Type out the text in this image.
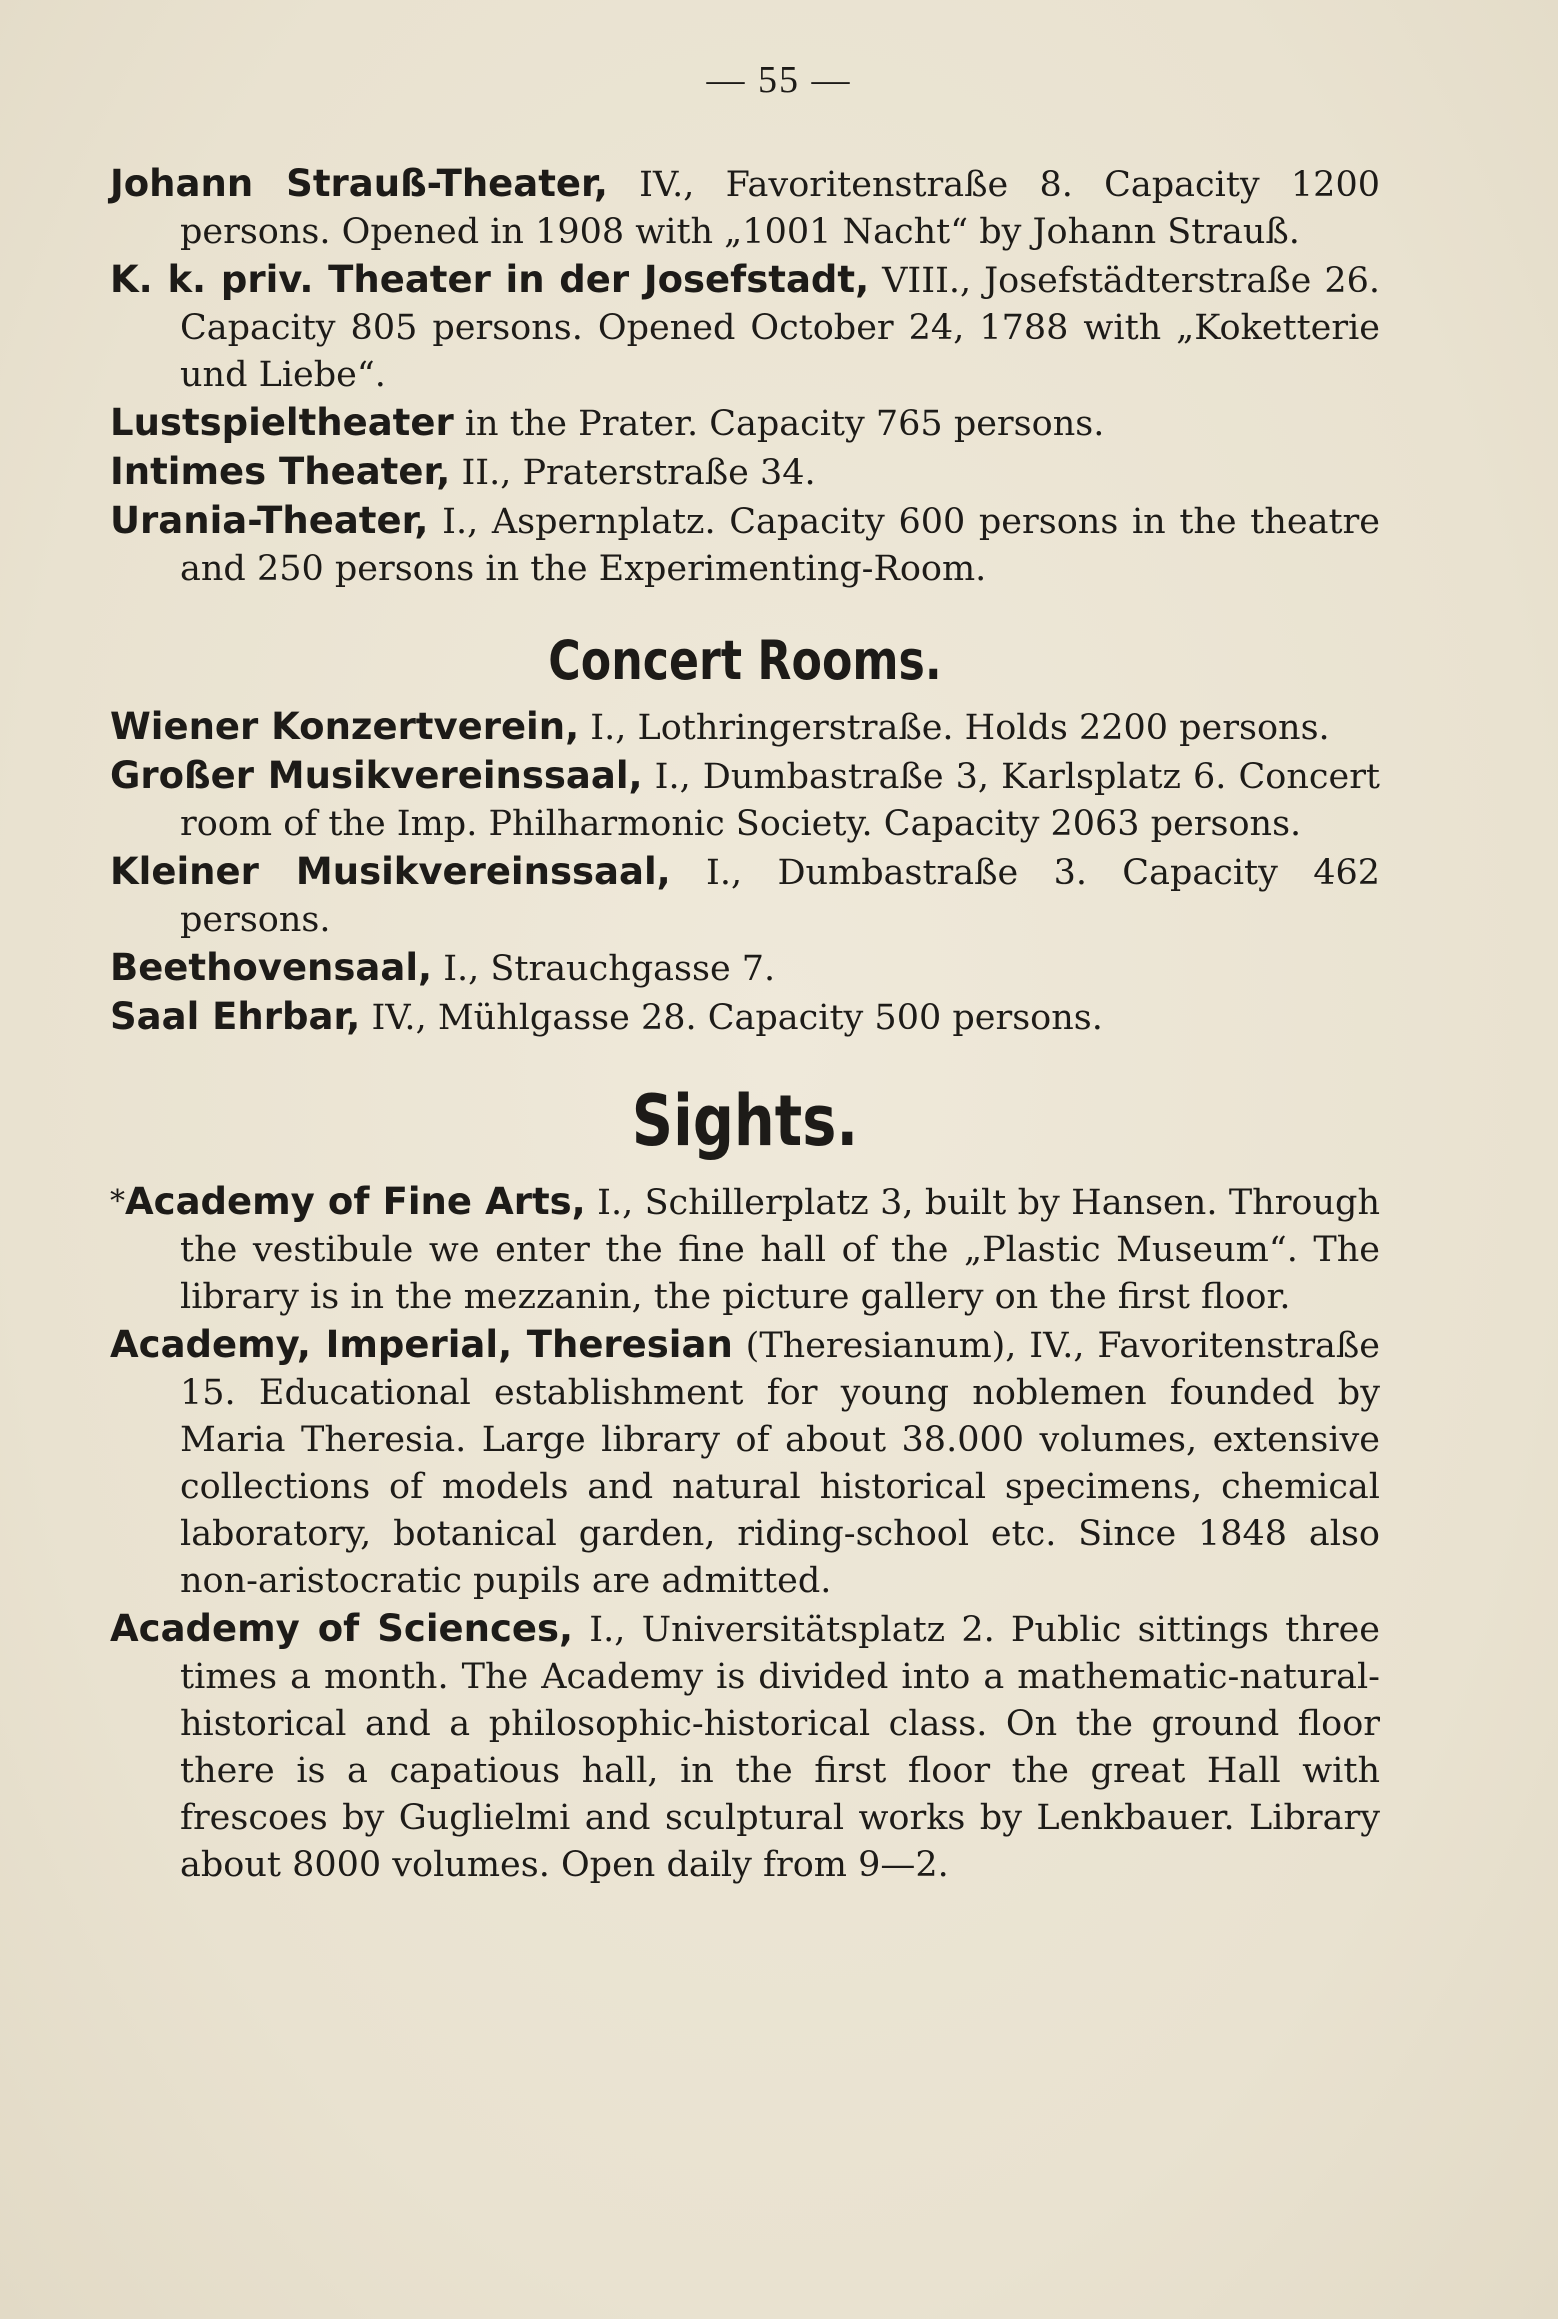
— 55 —

Johann Strauß-Theater, IV., Favoritenstraße 8. Capacity 1200 persons. Opened in 1908 with „1001 Nacht“ by Johann Strauß.

K. k. priv. Theater in der Josefstadt, VIII., Josefstädterstraße 26. Capacity 805 persons. Opened October 24, 1788 with „Koketterie und Liebe“.

Lustspieltheater in the Prater. Capacity 765 persons.

Intimes Theater, II., Praterstraße 34.

Urania-Theater, I., Aspernplatz. Capacity 600 persons in the theatre and 250 persons in the Experimenting-Room.

Concert Rooms.

Wiener Konzertverein, I., Lothringerstraße. Holds 2200 persons.

Großer Musikvereinssaal, I., Dumbastraße 3, Karlsplatz 6. Concert room of the Imp. Philharmonic Society. Capacity 2063 persons.

Kleiner Musikvereinssaal, I., Dumbastraße 3. Capacity 462 persons.

Beethovensaal, I., Strauchgasse 7.

Saal Ehrbar, IV., Mühlgasse 28. Capacity 500 persons.

Sights.

*Academy of Fine Arts, I., Schillerplatz 3, built by Hansen. Through the vestibule we enter the fine hall of the „Plastic Museum“. The library is in the mezzanin, the picture gallery on the first floor.

Academy, Imperial, Theresian (Theresianum), IV., Favoritenstraße 15. Educational establishment for young noblemen founded by Maria Theresia. Large library of about 38.000 volumes, extensive collections of models and natural historical specimens, chemical laboratory, botanical garden, riding-school etc. Since 1848 also non-aristocratic pupils are admitted.

Academy of Sciences, I., Universitätsplatz 2. Public sittings three times a month. The Academy is divided into a mathematic-natural-historical and a philosophic-historical class. On the ground floor there is a capatious hall, in the first floor the great Hall with frescoes by Guglielmi and sculptural works by Lenkbauer. Library about 8000 volumes. Open daily from 9—2.
